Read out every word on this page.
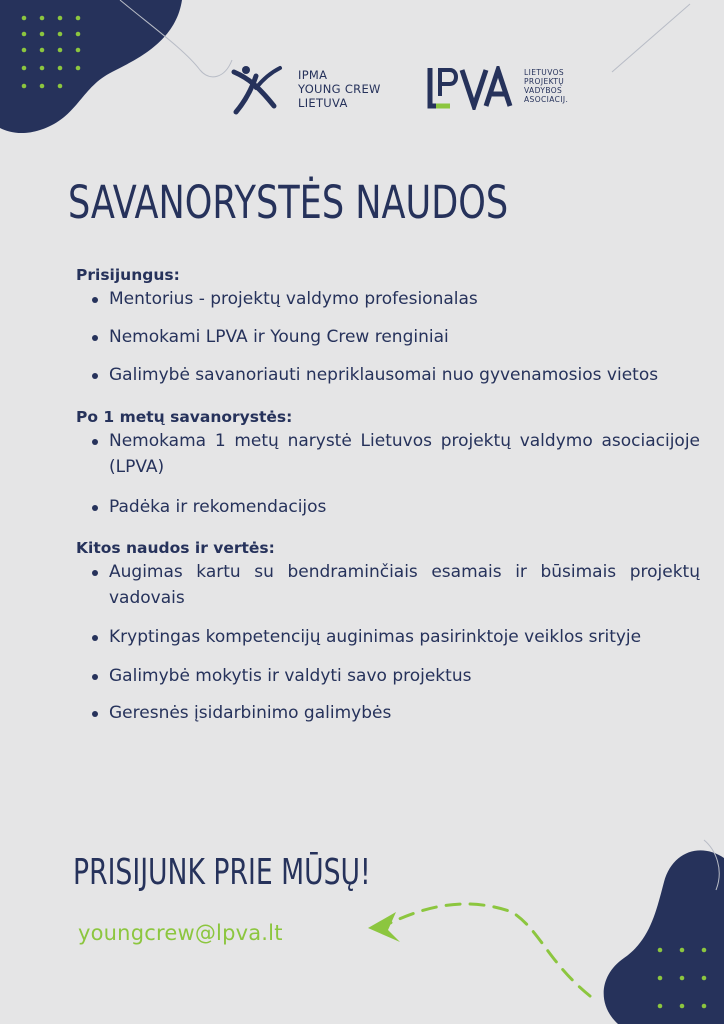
IPMA
YOUNG CREW
LIETUVA
LIETUVOS
PROJEKTŲ
VADYBOS
ASOCIACIJ.
SAVANORYSTĖS NAUDOS

Prisijungus:

Mentorius - projektų valdymo profesionalas
Nemokami LPVA ir Young Crew renginiai
Galimybė savanoriauti nepriklausomai nuo gyvenamosios vietos

Po 1 metų savanorystės:

Nemokama 1 metų narystė Lietuvos projektų valdymo asociacijoje (LPVA)
Padėka ir rekomendacijos

Kitos naudos ir vertės:

Augimas kartu su bendraminčiais esamais ir būsimais projektų vadovais
Kryptingas kompetencijų auginimas pasirinktoje veiklos srityje
Galimybė mokytis ir valdyti savo projektus
Geresnės įsidarbinimo galimybės
PRISIJUNK PRIE MŪSŲ!
youngcrew@lpva.lt
